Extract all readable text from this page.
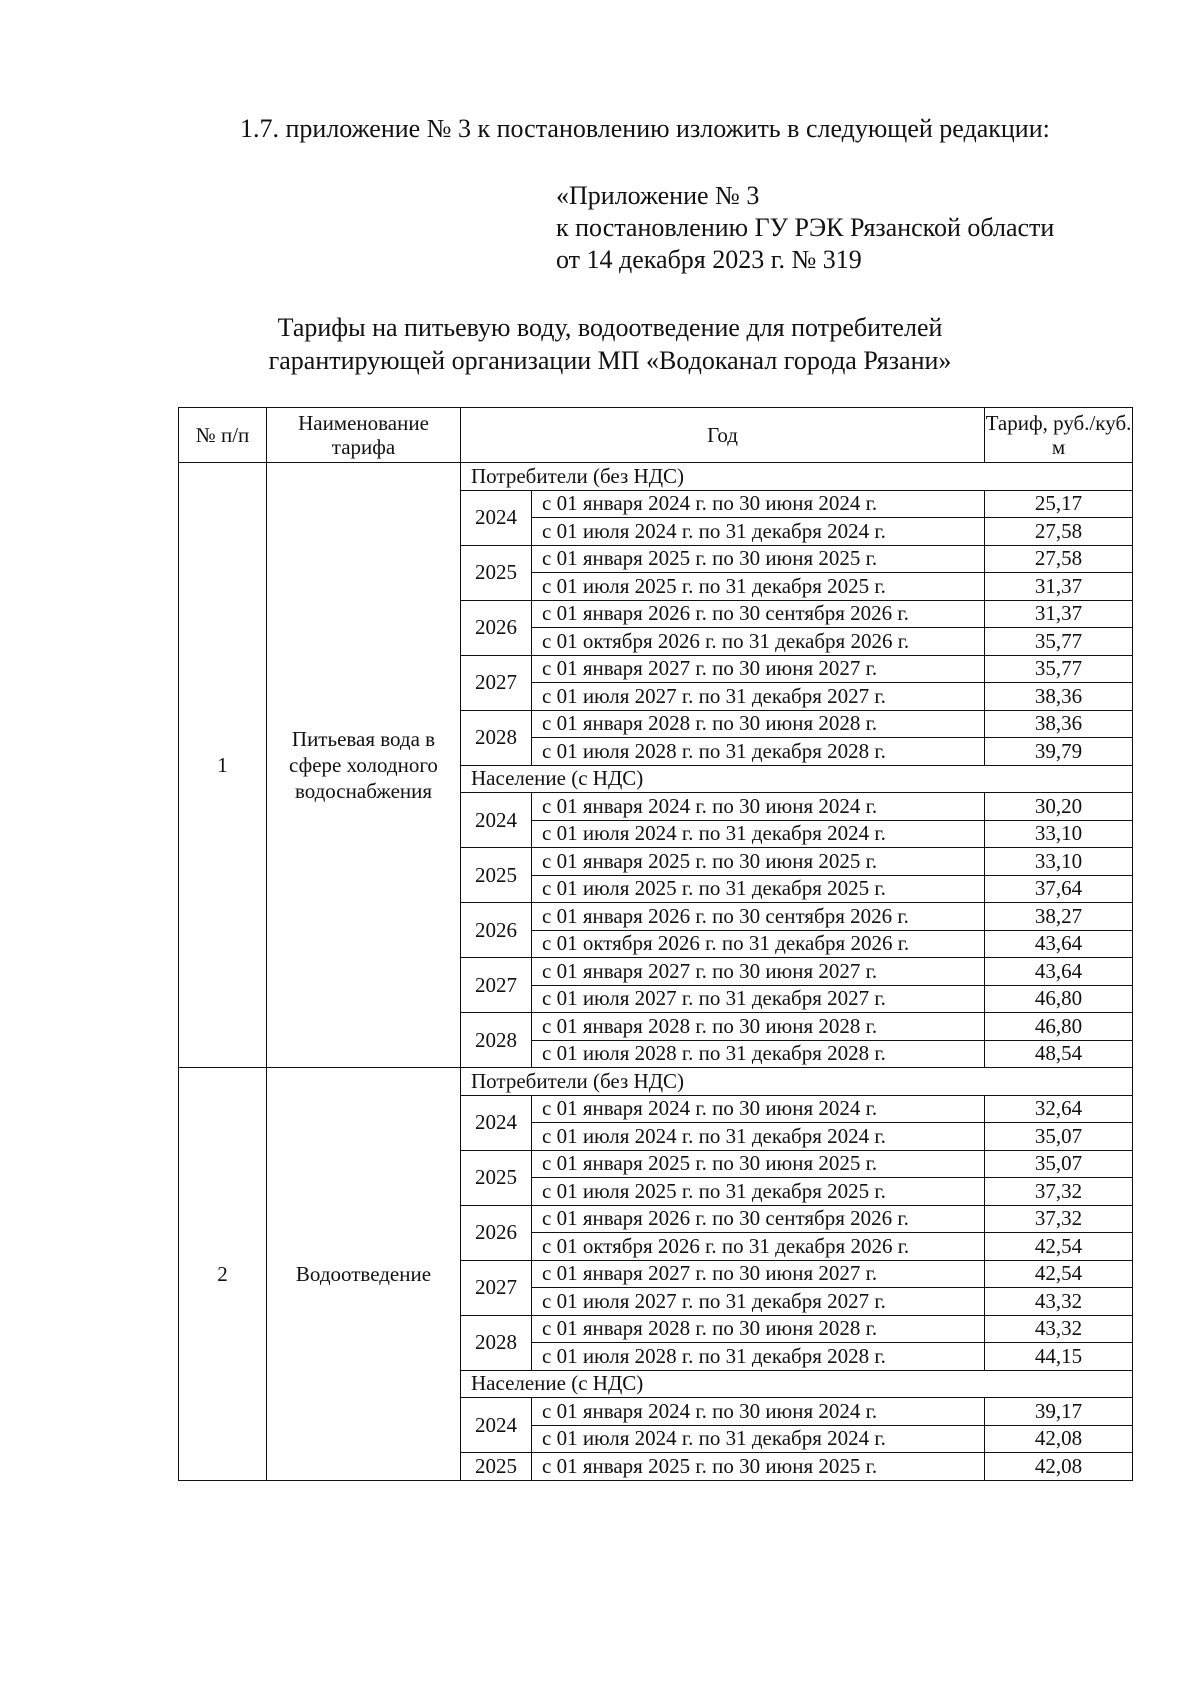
1.7. приложение № 3 к постановлению изложить в следующей редакции:
«Приложение № 3
к постановлению ГУ РЭК Рязанской области
от 14 декабря 2023 г. № 319
Тарифы на питьевую воду, водоотведение для потребителей
гарантирующей организации МП «Водоканал города Рязани»
№ п/п	Наименование тарифа	Год		Тариф, руб./куб. м
1	Питьевая вода в сфере холодного водоснабжения	Потребители (без НДС)		
		2024	с 01 января 2024 г. по 30 июня 2024 г.	25,17
			с 01 июля 2024 г. по 31 декабря 2024 г.	27,58
		2025	с 01 января 2025 г. по 30 июня 2025 г.	27,58
			с 01 июля 2025 г. по 31 декабря 2025 г.	31,37
		2026	с 01 января 2026 г. по 30 сентября 2026 г.	31,37
			с 01 октября 2026 г. по 31 декабря 2026 г.	35,77
		2027	с 01 января 2027 г. по 30 июня 2027 г.	35,77
			с 01 июля 2027 г. по 31 декабря 2027 г.	38,36
		2028	с 01 января 2028 г. по 30 июня 2028 г.	38,36
			с 01 июля 2028 г. по 31 декабря 2028 г.	39,79
		Население (с НДС)		
		2024	с 01 января 2024 г. по 30 июня 2024 г.	30,20
			с 01 июля 2024 г. по 31 декабря 2024 г.	33,10
		2025	с 01 января 2025 г. по 30 июня 2025 г.	33,10
			с 01 июля 2025 г. по 31 декабря 2025 г.	37,64
		2026	с 01 января 2026 г. по 30 сентября 2026 г.	38,27
			с 01 октября 2026 г. по 31 декабря 2026 г.	43,64
		2027	с 01 января 2027 г. по 30 июня 2027 г.	43,64
			с 01 июля 2027 г. по 31 декабря 2027 г.	46,80
		2028	с 01 января 2028 г. по 30 июня 2028 г.	46,80
			с 01 июля 2028 г. по 31 декабря 2028 г.	48,54
2	Водоотведение	Потребители (без НДС)		
		2024	с 01 января 2024 г. по 30 июня 2024 г.	32,64
			с 01 июля 2024 г. по 31 декабря 2024 г.	35,07
		2025	с 01 января 2025 г. по 30 июня 2025 г.	35,07
			с 01 июля 2025 г. по 31 декабря 2025 г.	37,32
		2026	с 01 января 2026 г. по 30 сентября 2026 г.	37,32
			с 01 октября 2026 г. по 31 декабря 2026 г.	42,54
		2027	с 01 января 2027 г. по 30 июня 2027 г.	42,54
			с 01 июля 2027 г. по 31 декабря 2027 г.	43,32
		2028	с 01 января 2028 г. по 30 июня 2028 г.	43,32
			с 01 июля 2028 г. по 31 декабря 2028 г.	44,15
		Население (с НДС)		
		2024	с 01 января 2024 г. по 30 июня 2024 г.	39,17
			с 01 июля 2024 г. по 31 декабря 2024 г.	42,08
		2025	с 01 января 2025 г. по 30 июня 2025 г.	42,08
